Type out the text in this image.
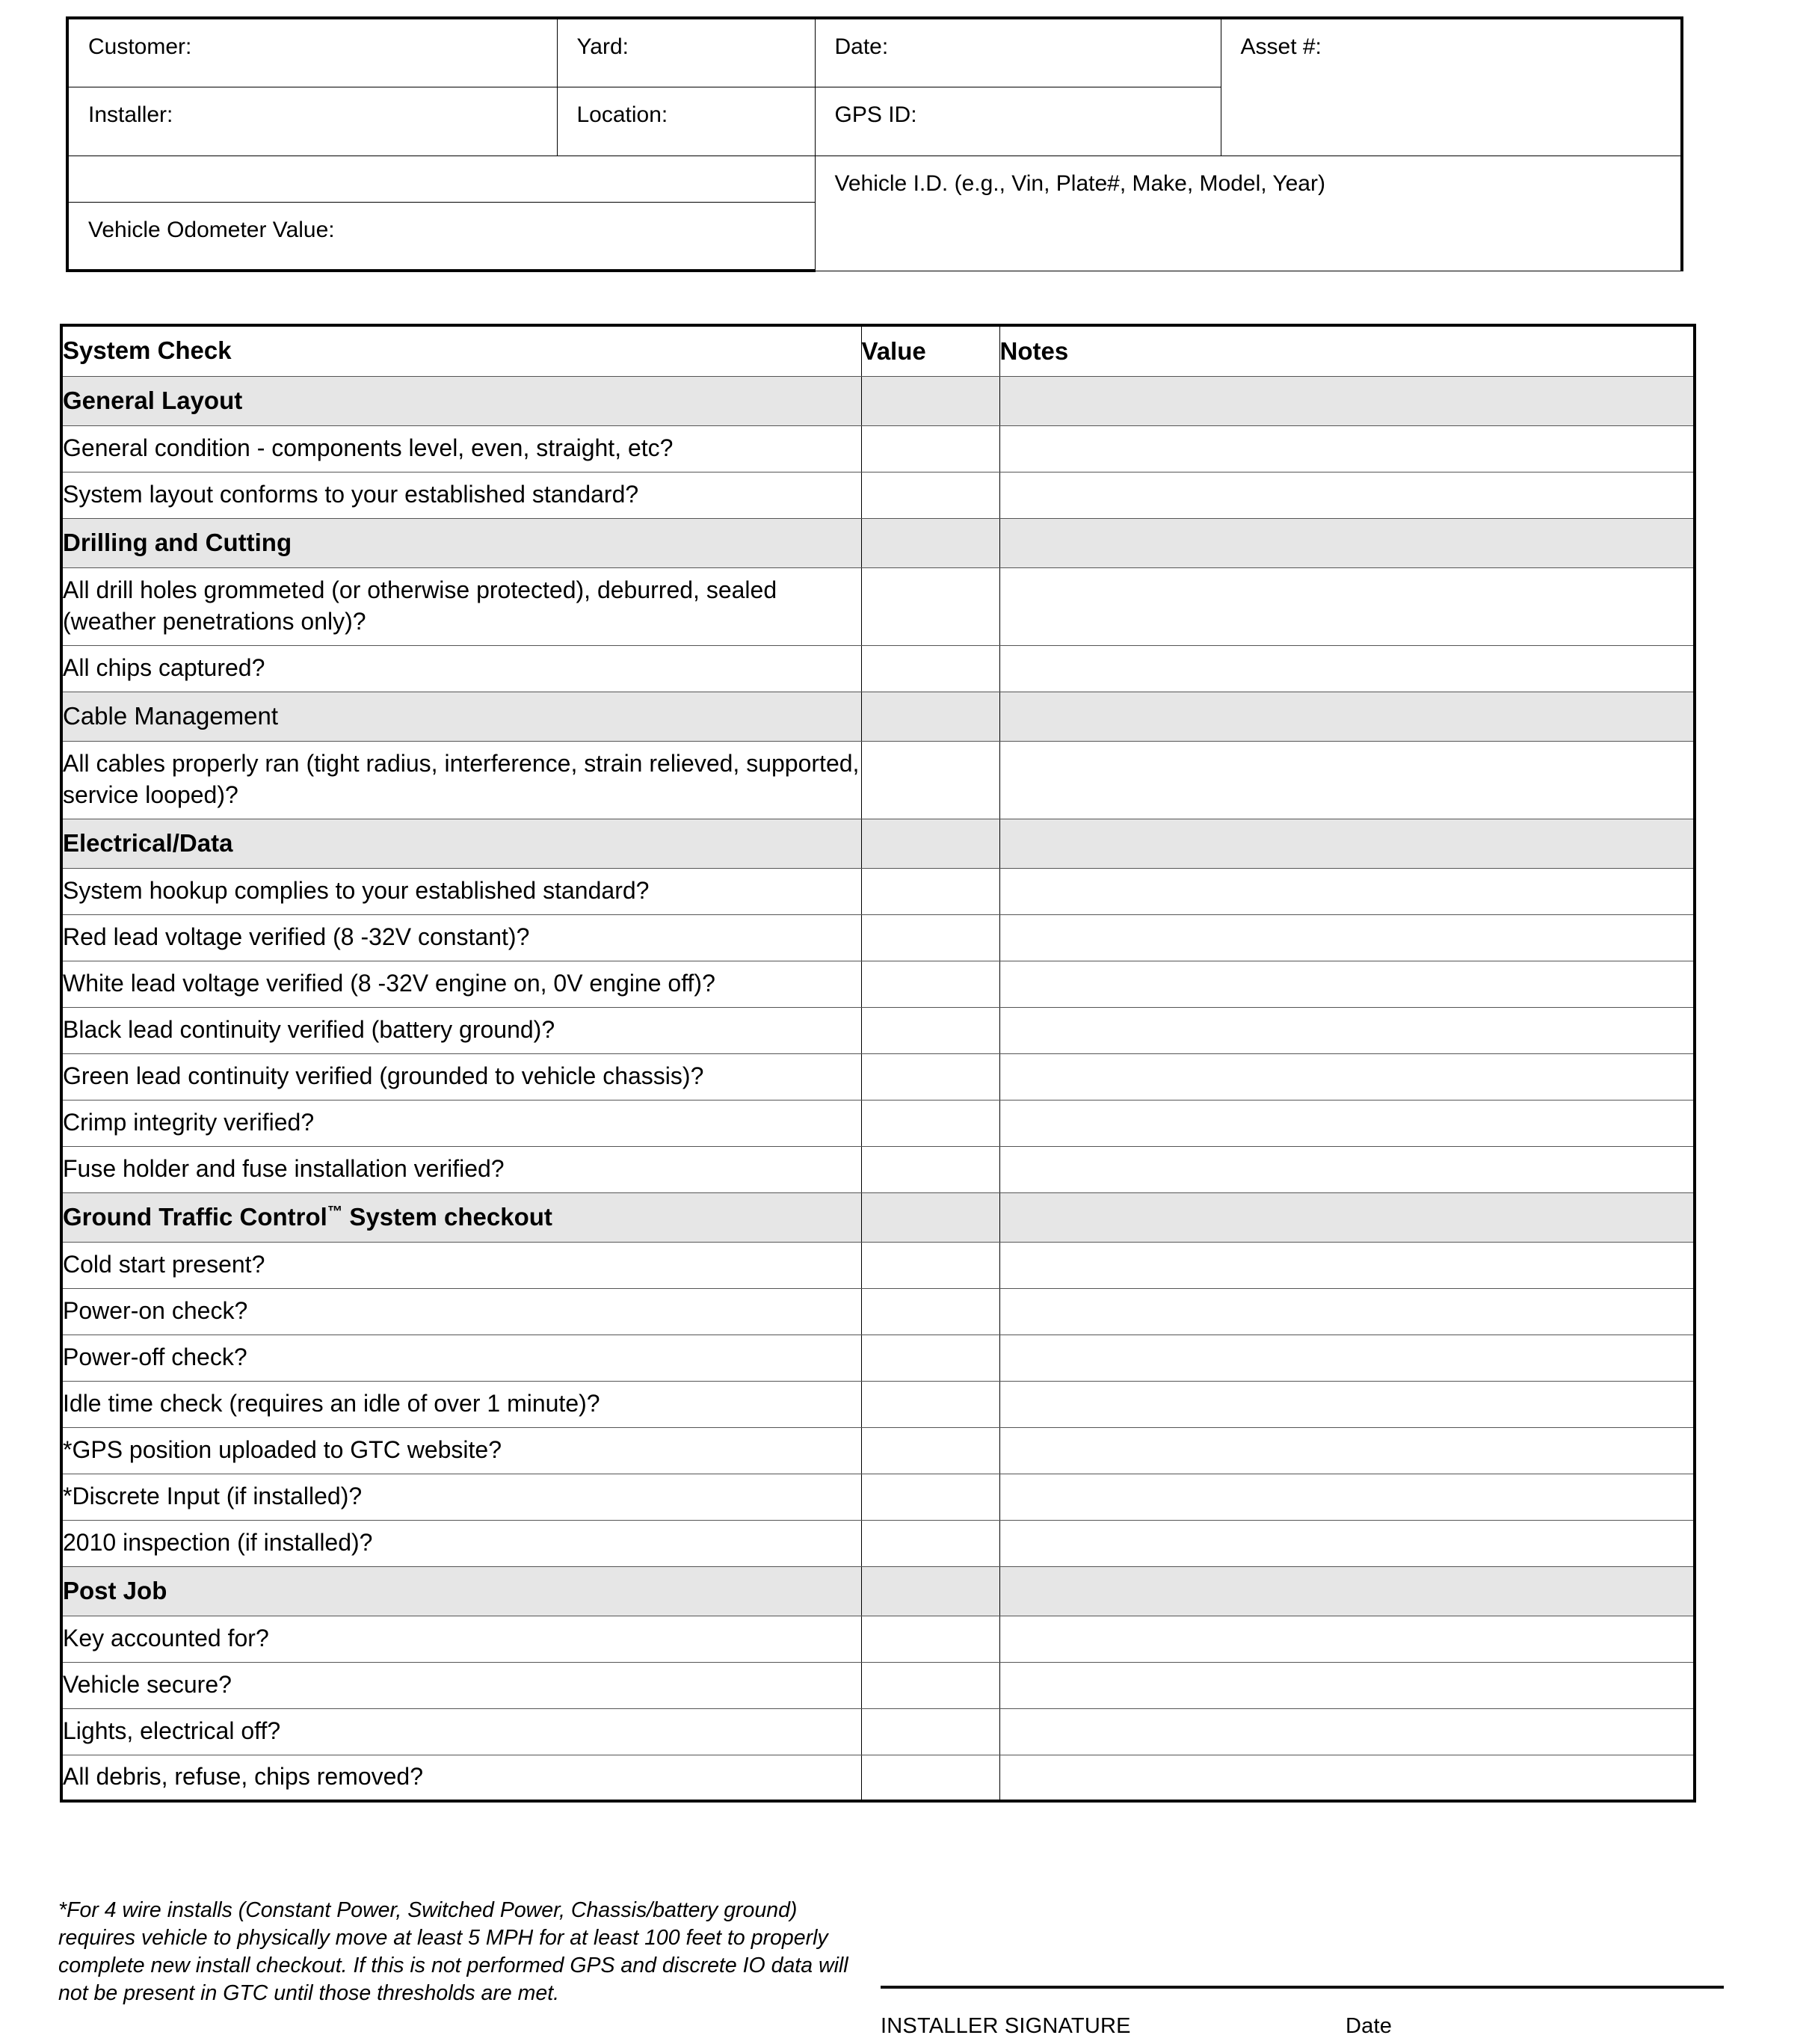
Customer:	Yard:	Date:	Asset #:
Installer:	Location:	GPS ID:	
		Vehicle I.D. (e.g., Vin, Plate#, Make, Model, Year)	
Vehicle Odometer Value:			
System Check	Value	Notes
General Layout		
General condition - components level, even, straight, etc?		
System layout conforms to your established standard?		
Drilling and Cutting		
All drill holes grommeted (or otherwise protected), deburred, sealed (weather penetrations only)?		
All chips captured?		
Cable Management		
All cables properly ran (tight radius, interference, strain relieved, supported, service looped)?		
Electrical/Data		
System hookup complies to your established standard?		
Red lead voltage verified (8 -32V constant)?		
White lead voltage verified (8 -32V engine on, 0V engine off)?		
Black lead continuity verified (battery ground)?		
Green lead continuity verified (grounded to vehicle chassis)?		
Crimp integrity verified?		
Fuse holder and fuse installation verified?		
Ground Traffic Control™ System checkout		
Cold start present?		
Power-on check?		
Power-off check?		
Idle time check (requires an idle of over 1 minute)?		
*GPS position uploaded to GTC website?		
*Discrete Input (if installed)?		
2010 inspection (if installed)?		
Post Job		
Key accounted for?		
Vehicle secure?		
Lights, electrical off?		
All debris, refuse, chips removed?		
*For 4 wire installs (Constant Power, Switched Power, Chassis/battery ground) requires vehicle to physically move at least 5 MPH for at least 100 feet to properly complete new install checkout. If this is not performed GPS and discrete IO data will not be present in GTC until those thresholds are met.
INSTALLER SIGNATURE	Date
